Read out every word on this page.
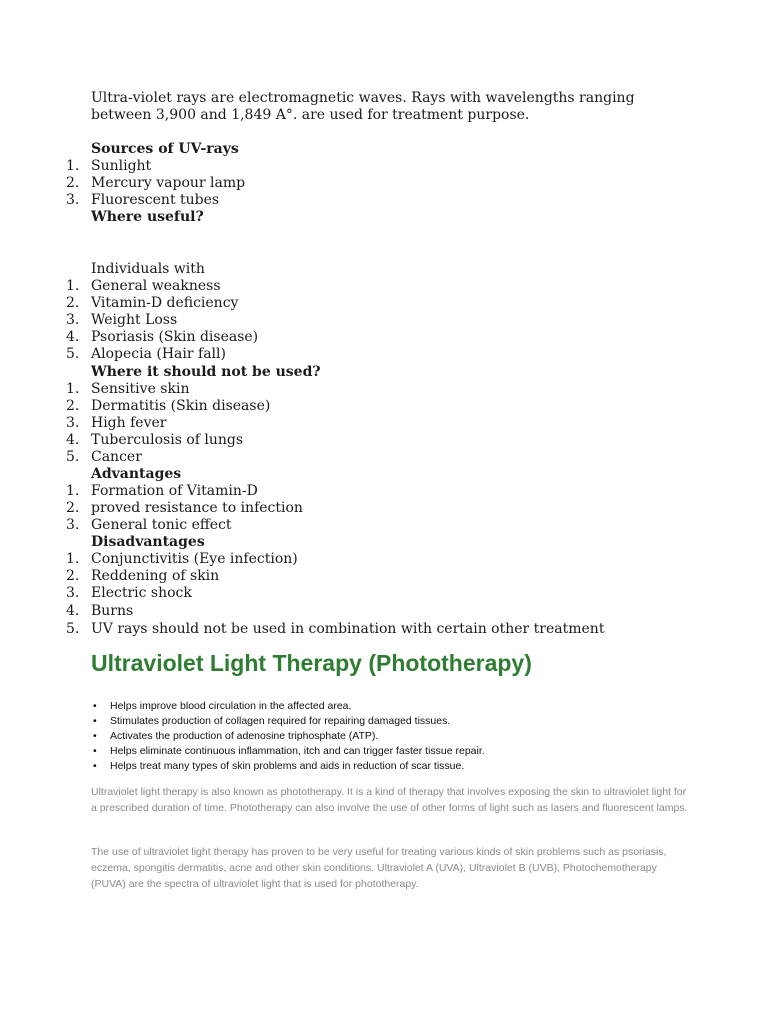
Ultra-violet rays are electromagnetic waves. Rays with wavelengths ranging between 3,900 and 1,849 A°. are used for treatment purpose.

Sources of UV-rays
1. Sunlight
2. Mercury vapour lamp
3. Fluorescent tubes
Where useful?
Individuals with
1. General weakness
2. Vitamin-D deficiency
3. Weight Loss
4. Psoriasis (Skin disease)
5. Alopecia (Hair fall)
Where it should not be used?
1. Sensitive skin
2. Dermatitis (Skin disease)
3. High fever
4. Tuberculosis of lungs
5. Cancer
Advantages
1. Formation of Vitamin-D
2. proved resistance to infection
3. General tonic effect
Disadvantages
1. Conjunctivitis (Eye infection)
2. Reddening of skin
3. Electric shock
4. Burns
5. UV rays should not be used in combination with certain other treatment
Ultraviolet Light Therapy (Phototherapy)
• Helps improve blood circulation in the affected area.
• Stimulates production of collagen required for repairing damaged tissues.
• Activates the production of adenosine triphosphate (ATP).
• Helps eliminate continuous inflammation, itch and can trigger faster tissue repair.
• Helps treat many types of skin problems and aids in reduction of scar tissue.

Ultraviolet light therapy is also known as phototherapy. It is a kind of therapy that involves exposing the skin to ultraviolet light for a prescribed duration of time. Phototherapy can also involve the use of other forms of light such as lasers and fluorescent lamps.

The use of ultraviolet light therapy has proven to be very useful for treating various kinds of skin problems such as psoriasis, eczema, spongitis dermatitis, acne and other skin conditions. Ultraviolet A (UVA), Ultraviolet B (UVB), Photochemotherapy (PUVA) are the spectra of ultraviolet light that is used for phototherapy.
